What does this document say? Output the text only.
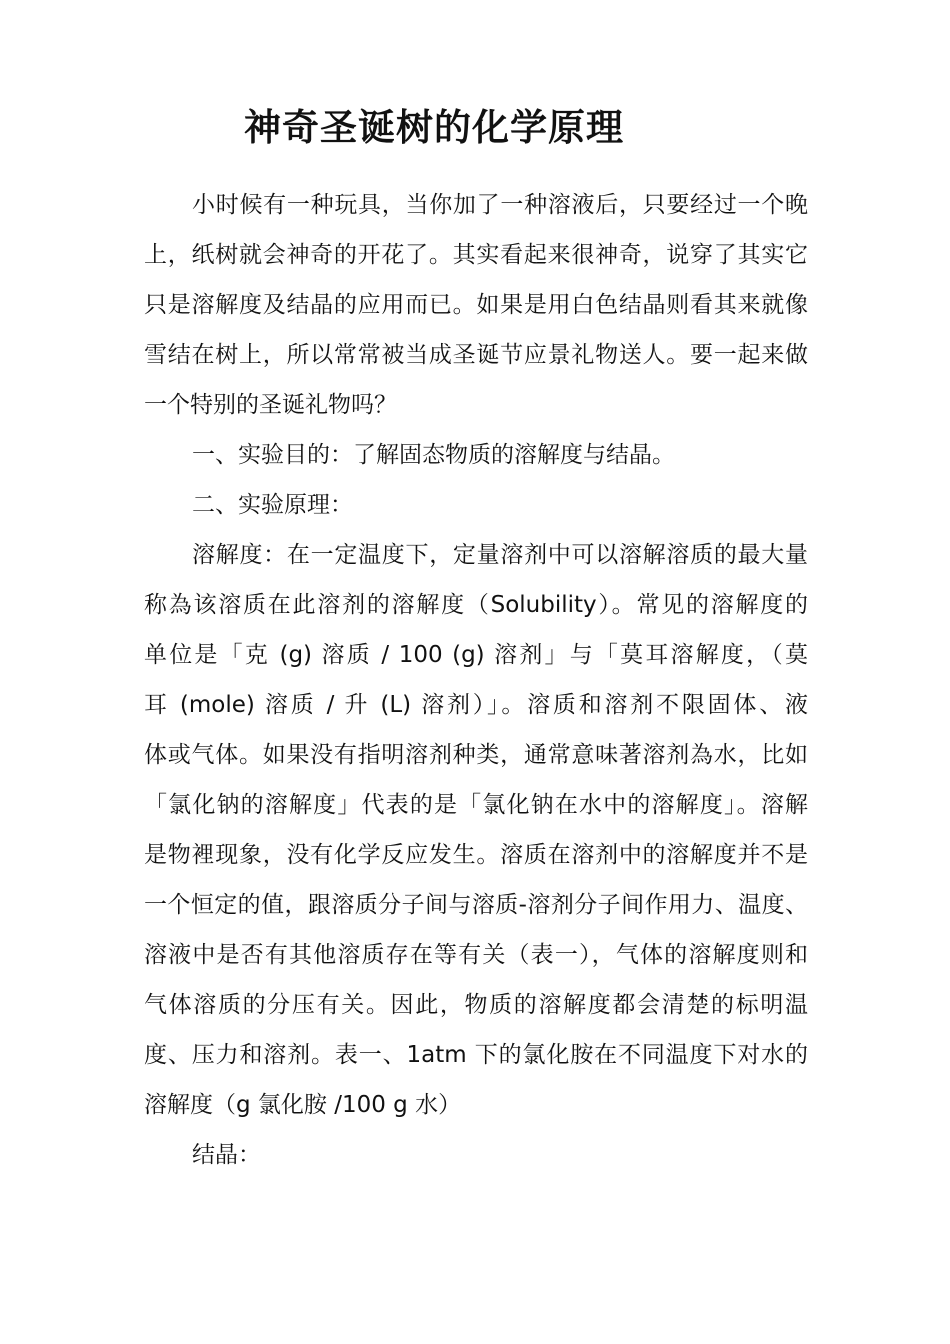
神奇圣诞树的化学原理
小时候有一种玩具，当你加了一种溶液后，只要经过一个晚
上，纸树就会神奇的开花了。其实看起来很神奇，说穿了其实它
只是溶解度及结晶的应用而已。如果是用白色结晶则看其来就像
雪结在树上，所以常常被当成圣诞节应景礼物送人。要一起来做
一个特别的圣诞礼物吗？
一、实验目的：了解固态物质的溶解度与结晶。
二、实验原理：
溶解度：在一定温度下，定量溶剂中可以溶解溶质的最大量
称為该溶质在此溶剂的溶解度（Solubility）。常见的溶解度的
单位是「克 (g) 溶质 / 100 (g) 溶剂」与「莫耳溶解度，（莫
耳 (mole) 溶质 / 升 (L) 溶剂）」。溶质和溶剂不限固体、液
体或气体。如果没有指明溶剂种类，通常意味著溶剂為水，比如
「氯化钠的溶解度」代表的是「氯化钠在水中的溶解度」。溶解
是物裡现象，没有化学反应发生。溶质在溶剂中的溶解度并不是
一个恒定的值，跟溶质分子间与溶质-溶剂分子间作用力、温度、
溶液中是否有其他溶质存在等有关（表一），气体的溶解度则和
气体溶质的分压有关。因此，物质的溶解度都会清楚的标明温
度、压力和溶剂。表一、1atm 下的氯化胺在不同温度下对水的
溶解度（g 氯化胺 /100 g 水）
结晶：
